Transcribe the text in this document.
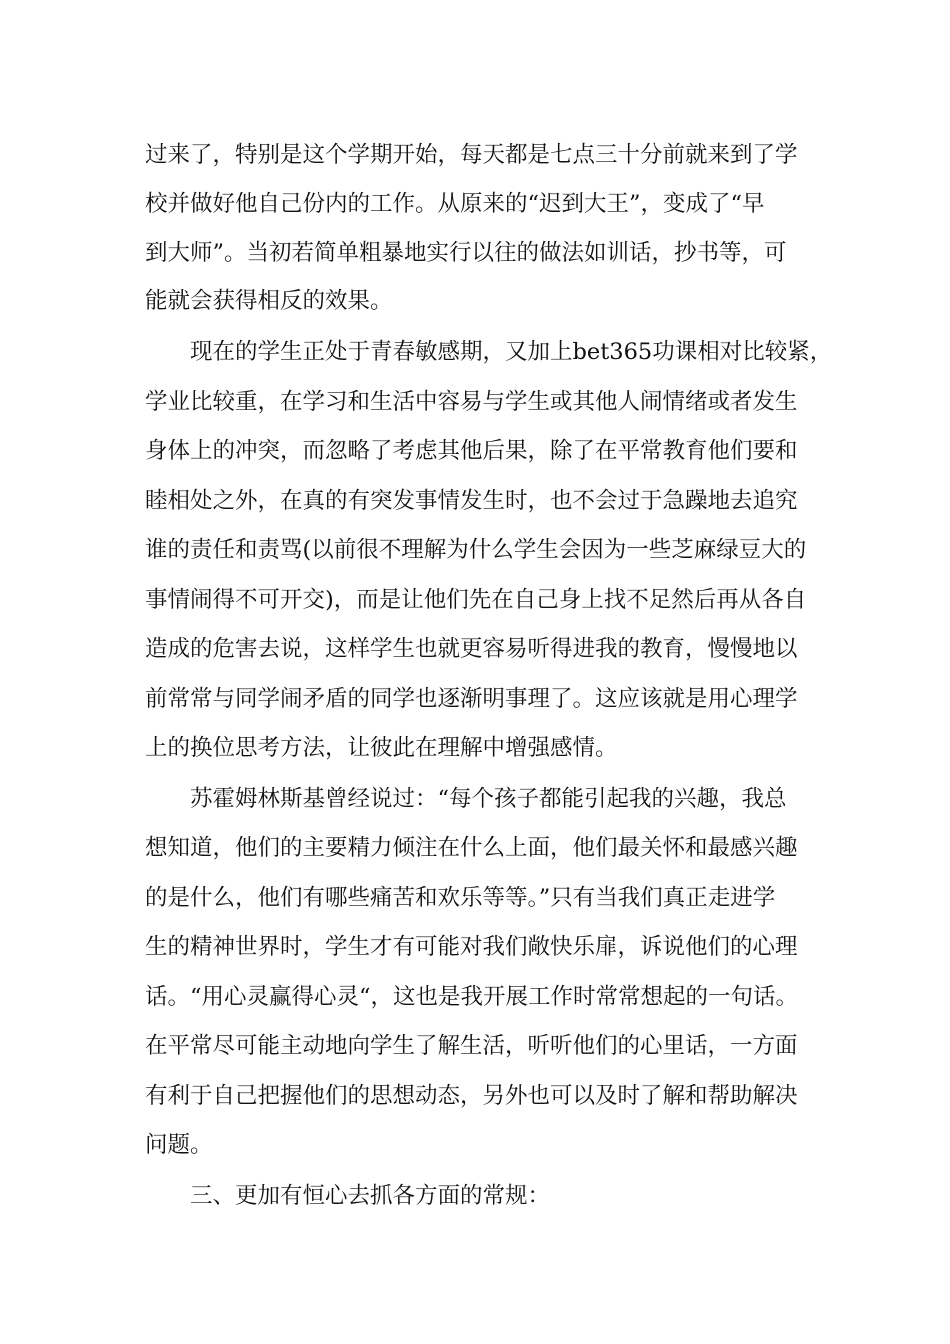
过来了，特别是这个学期开始，每天都是七点三十分前就来到了学

校并做好他自己份内的工作。从原来的“迟到大王”，变成了“早

到大师”。当初若简单粗暴地实行以往的做法如训话，抄书等，可

能就会获得相反的效果。

现在的学生正处于青春敏感期，又加上bet365功课相对比较紧，

学业比较重，在学习和生活中容易与学生或其他人闹情绪或者发生

身体上的冲突，而忽略了考虑其他后果，除了在平常教育他们要和

睦相处之外，在真的有突发事情发生时，也不会过于急躁地去追究

谁的责任和责骂(以前很不理解为什么学生会因为一些芝麻绿豆大的

事情闹得不可开交)，而是让他们先在自己身上找不足然后再从各自

造成的危害去说，这样学生也就更容易听得进我的教育，慢慢地以

前常常与同学闹矛盾的同学也逐渐明事理了。这应该就是用心理学

上的换位思考方法，让彼此在理解中增强感情。

苏霍姆林斯基曾经说过：“每个孩子都能引起我的兴趣，我总

想知道，他们的主要精力倾注在什么上面，他们最关怀和最感兴趣

的是什么，他们有哪些痛苦和欢乐等等。”只有当我们真正走进学

生的精神世界时，学生才有可能对我们敞快乐扉，诉说他们的心理

话。“用心灵赢得心灵“，这也是我开展工作时常常想起的一句话。

在平常尽可能主动地向学生了解生活，听听他们的心里话，一方面

有利于自己把握他们的思想动态，另外也可以及时了解和帮助解决

问题。

三、更加有恒心去抓各方面的常规：
